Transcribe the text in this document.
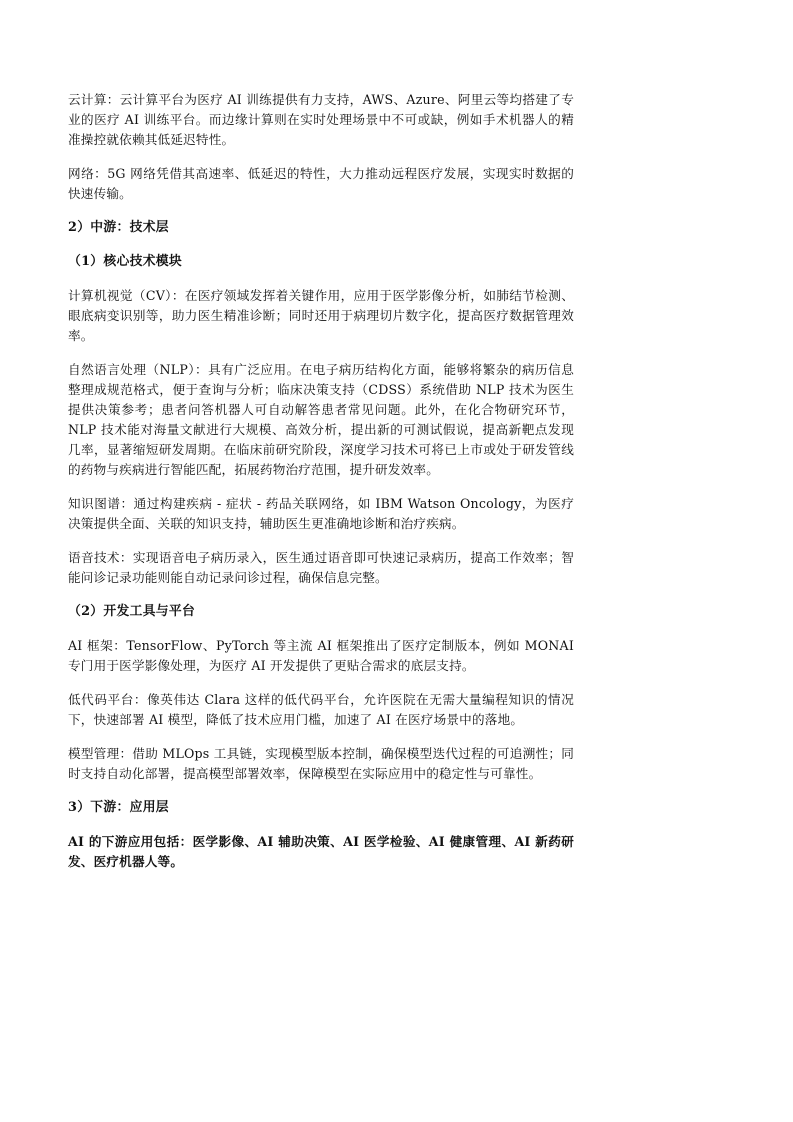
云计算：云计算平台为医疗 AI 训练提供有力支持，AWS、Azure、阿里云等均搭建了专业的医疗 AI 训练平台。而边缘计算则在实时处理场景中不可或缺，例如手术机器人的精准操控就依赖其低延迟特性。

网络：5G 网络凭借其高速率、低延迟的特性，大力推动远程医疗发展，实现实时数据的快速传输。

2）中游：技术层

（1）核心技术模块

计算机视觉（CV）：在医疗领域发挥着关键作用，应用于医学影像分析，如肺结节检测、眼底病变识别等，助力医生精准诊断；同时还用于病理切片数字化，提高医疗数据管理效率。

自然语言处理（NLP）：具有广泛应用。在电子病历结构化方面，能够将繁杂的病历信息整理成规范格式，便于查询与分析；临床决策支持（CDSS）系统借助 NLP 技术为医生提供决策参考；患者问答机器人可自动解答患者常见问题。此外，在化合物研究环节，NLP 技术能对海量文献进行大规模、高效分析，提出新的可测试假说，提高新靶点发现几率，显著缩短研发周期。在临床前研究阶段，深度学习技术可将已上市或处于研发管线的药物与疾病进行智能匹配，拓展药物治疗范围，提升研发效率。

知识图谱：通过构建疾病 - 症状 - 药品关联网络，如 IBM Watson Oncology，为医疗决策提供全面、关联的知识支持，辅助医生更准确地诊断和治疗疾病。

语音技术：实现语音电子病历录入，医生通过语音即可快速记录病历，提高工作效率；智能问诊记录功能则能自动记录问诊过程，确保信息完整。

（2）开发工具与平台

AI 框架：TensorFlow、PyTorch 等主流 AI 框架推出了医疗定制版本，例如 MONAI 专门用于医学影像处理，为医疗 AI 开发提供了更贴合需求的底层支持。

低代码平台：像英伟达 Clara 这样的低代码平台，允许医院在无需大量编程知识的情况下，快速部署 AI 模型，降低了技术应用门槛，加速了 AI 在医疗场景中的落地。

模型管理：借助 MLOps 工具链，实现模型版本控制，确保模型迭代过程的可追溯性；同时支持自动化部署，提高模型部署效率，保障模型在实际应用中的稳定性与可靠性。

3）下游：应用层

AI 的下游应用包括：医学影像、AI 辅助决策、AI 医学检验、AI 健康管理、AI 新药研发、医疗机器人等。
